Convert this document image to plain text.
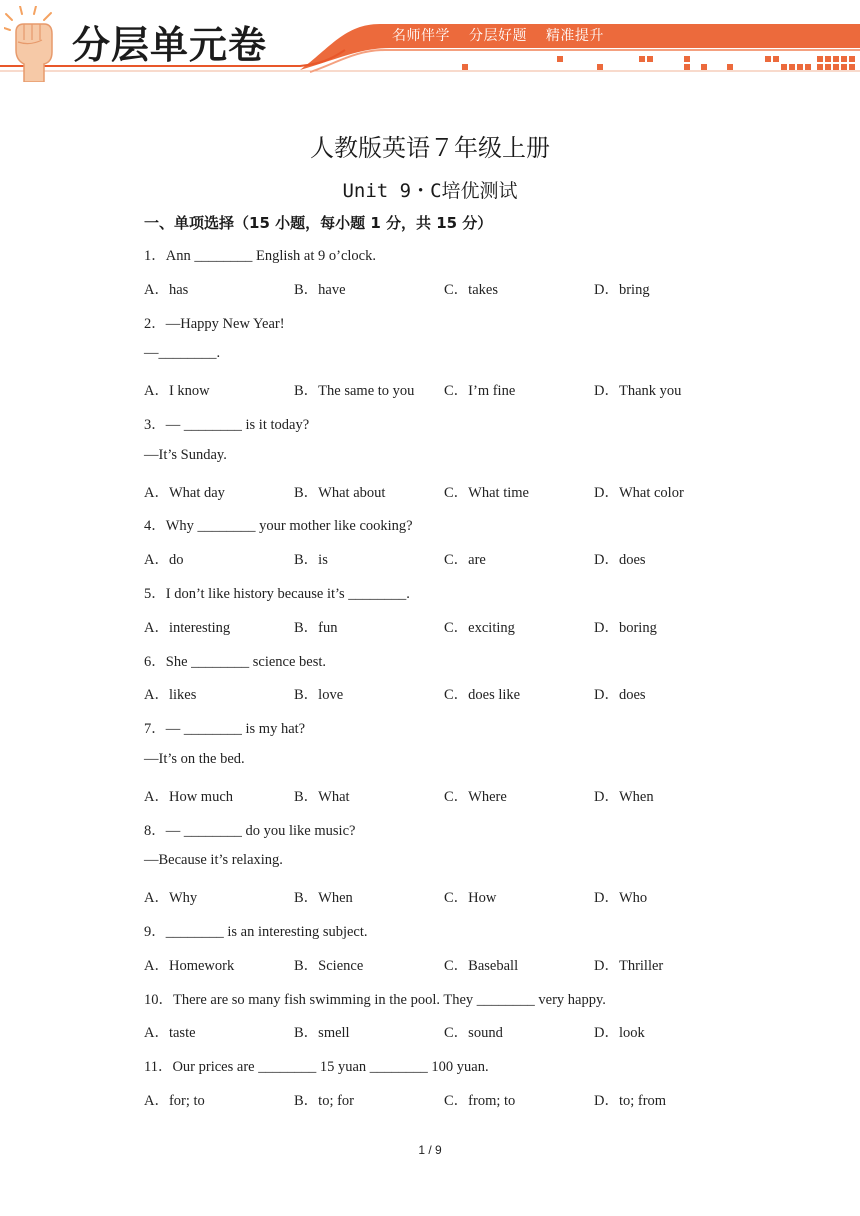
分层单元卷	名师伴学 分层好题 精准提升
人教版英语７年级上册
Unit 9・C培优测试
一、单项选择（15 小题，每小题 1 分，共 15 分）
1．Ann ________ English at 9 o’clock.
A．has	B．have	C．takes	D．bring
2．—Happy New Year!
—________.
A．I know	B．The same to you C．I’m fine	D．Thank you
3．— ________ is it today?
—It’s Sunday.
A．What day	B．What about	C．What time	D．What color
4．Why ________ your mother like cooking?
A．do	B．is	C．are	D．does
5．I don’t like history because it’s ________.
A．interesting	B．fun	C．exciting	D．boring
6．She ________ science best.
A．likes	B．love	C．does like	D．does
7．— ________ is my hat?
—It’s on the bed.
A．How much	B．What	C．Where	D．When
8．— ________ do you like music?
—Because it’s relaxing.
A．Why	B．When	C．How	D．Who
9．________ is an interesting subject.
A．Homework	B．Science	C．Baseball	D．Thriller
10．There are so many fish swimming in the pool. They ________ very happy.
A．taste	B．smell	C．sound	D．look
11．Our prices are ________ 15 yuan ________ 100 yuan.
A．for; to	B．to; for	C．from; to	D．to; from
1 / 9
